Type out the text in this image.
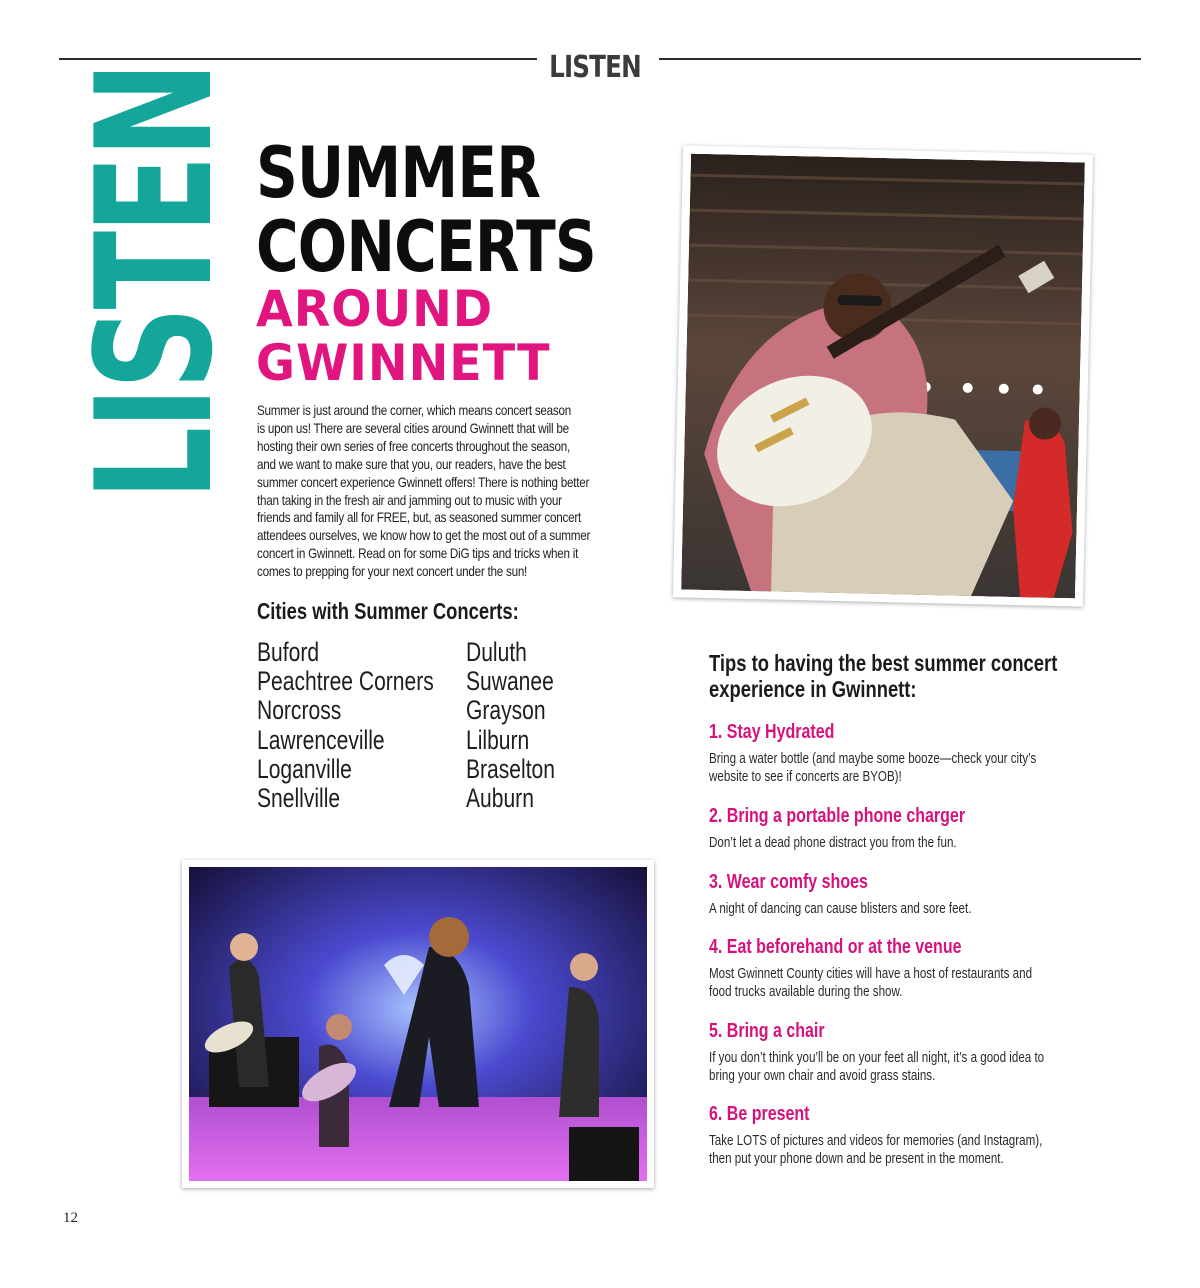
LISTEN
LISTEN SUMMER
CONCERTS
AROUND
GWINNETT
Summer is just around the corner, which means concert season
is upon us! There are several cities around Gwinnett that will be
hosting their own series of free concerts throughout the season,
and we want to make sure that you, our readers, have the best
summer concert experience Gwinnett offers! There is nothing better
than taking in the fresh air and jamming out to music with your
friends and family all for FREE, but, as seasoned summer concert
attendees ourselves, we know how to get the most out of a summer
concert in Gwinnett. Read on for some DiG tips and tricks when it
comes to prepping for your next concert under the sun!
Cities with Summer Concerts:
Buford
Peachtree Corners
Norcross
Lawrenceville
Loganville
Snellville
Duluth
Suwanee
Grayson
Lilburn
Braselton
Auburn
Tips to having the best summer concert
experience in Gwinnett:
1. Stay Hydrated
Bring a water bottle (and maybe some booze—check your city’s
website to see if concerts are BYOB)!
2. Bring a portable phone charger
Don’t let a dead phone distract you from the fun.
3. Wear comfy shoes
A night of dancing can cause blisters and sore feet.
4. Eat beforehand or at the venue
Most Gwinnett County cities will have a host of restaurants and
food trucks available during the show.
5. Bring a chair
If you don’t think you’ll be on your feet all night, it’s a good idea to
bring your own chair and avoid grass stains.
6. Be present
Take LOTS of pictures and videos for memories (and Instagram),
then put your phone down and be present in the moment.
12
